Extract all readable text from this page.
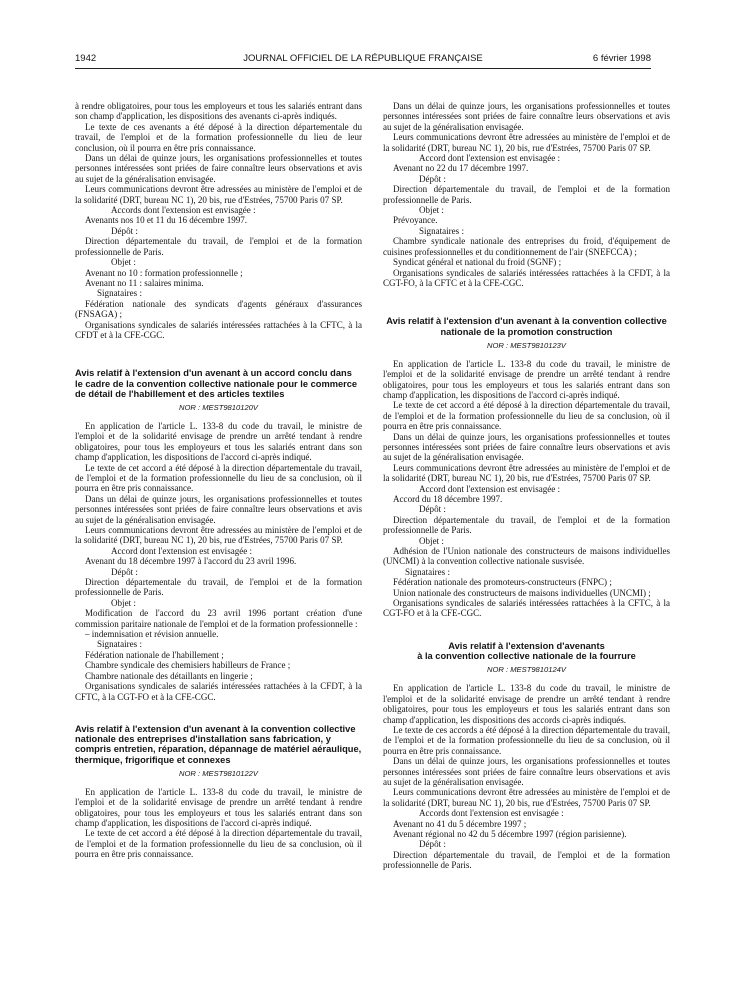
1942	JOURNAL OFFICIEL DE LA RÉPUBLIQUE FRANÇAISE	6 février 1998

à rendre obligatoires, pour tous les employeurs et tous les salariés entrant dans son champ d'application, les dispositions des avenants ci-après indiqués.

Le texte de ces avenants a été déposé à la direction départementale du travail, de l'emploi et de la formation professionnelle du lieu de leur conclusion, où il pourra en être pris connaissance.

Dans un délai de quinze jours, les organisations professionnelles et toutes personnes intéressées sont priées de faire connaître leurs observations et avis au sujet de la généralisation envisagée.

Leurs communications devront être adressées au ministère de l'emploi et de la solidarité (DRT, bureau NC 1), 20 bis, rue d'Estrées, 75700 Paris 07 SP.

Accords dont l'extension est envisagée :

Avenants nos 10 et 11 du 16 décembre 1997.

Dépôt :

Direction départementale du travail, de l'emploi et de la formation professionnelle de Paris.

Objet :

Avenant no 10 : formation professionnelle ;

Avenant no 11 : salaires minima.

Signataires :

Fédération nationale des syndicats d'agents généraux d'assurances (FNSAGA) ;

Organisations syndicales de salariés intéressées rattachées à la CFTC, à la CFDT et à la CFE-CGC.

Avis relatif à l'extension d'un avenant à un accord conclu dans le cadre de la convention collective nationale pour le commerce de détail de l'habillement et des articles textiles
NOR : MEST9810120V

En application de l'article L. 133-8 du code du travail, le ministre de l'emploi et de la solidarité envisage de prendre un arrêté tendant à rendre obligatoires, pour tous les employeurs et tous les salariés entrant dans son champ d'application, les dispositions de l'accord ci-après indiqué.

Le texte de cet accord a été déposé à la direction départementale du travail, de l'emploi et de la formation professionnelle du lieu de sa conclusion, où il pourra en être pris connaissance.

Dans un délai de quinze jours, les organisations professionnelles et toutes personnes intéressées sont priées de faire connaître leurs observations et avis au sujet de la généralisation envisagée.

Leurs communications devront être adressées au ministère de l'emploi et de la solidarité (DRT, bureau NC 1), 20 bis, rue d'Estrées, 75700 Paris 07 SP.

Accord dont l'extension est envisagée :

Avenant du 18 décembre 1997 à l'accord du 23 avril 1996.

Dépôt :

Direction départementale du travail, de l'emploi et de la formation professionnelle de Paris.

Objet :

Modification de l'accord du 23 avril 1996 portant création d'une commission paritaire nationale de l'emploi et de la formation professionnelle :

– indemnisation et révision annuelle.

Signataires :

Fédération nationale de l'habillement ;

Chambre syndicale des chemisiers habilleurs de France ;

Chambre nationale des détaillants en lingerie ;

Organisations syndicales de salariés intéressées rattachées à la CFDT, à la CFTC, à la CGT-FO et à la CFE-CGC.

Avis relatif à l'extension d'un avenant à la convention collective nationale des entreprises d'installation sans fabrication, y compris entretien, réparation, dépannage de matériel aéraulique, thermique, frigorifique et connexes
NOR : MEST9810122V

En application de l'article L. 133-8 du code du travail, le ministre de l'emploi et de la solidarité envisage de prendre un arrêté tendant à rendre obligatoires, pour tous les employeurs et tous les salariés entrant dans son champ d'application, les dispositions de l'accord ci-après indiqué.

Le texte de cet accord a été déposé à la direction départementale du travail, de l'emploi et de la formation professionnelle du lieu de sa conclusion, où il pourra en être pris connaissance.

Dans un délai de quinze jours, les organisations professionnelles et toutes personnes intéressées sont priées de faire connaître leurs observations et avis au sujet de la généralisation envisagée.

Leurs communications devront être adressées au ministère de l'emploi et de la solidarité (DRT, bureau NC 1), 20 bis, rue d'Estrées, 75700 Paris 07 SP.

Accord dont l'extension est envisagée :

Avenant no 22 du 17 décembre 1997.

Dépôt :

Direction départementale du travail, de l'emploi et de la formation professionnelle de Paris.

Objet :

Prévoyance.

Signataires :

Chambre syndicale nationale des entreprises du froid, d'équipement de cuisines professionnelles et du conditionnement de l'air (SNEFCCA) ;

Syndicat général et national du froid (SGNF) ;

Organisations syndicales de salariés intéressées rattachées à la CFDT, à la CGT-FO, à la CFTC et à la CFE-CGC.

Avis relatif à l'extension d'un avenant à la convention collective nationale de la promotion construction
NOR : MEST9810123V

En application de l'article L. 133-8 du code du travail, le ministre de l'emploi et de la solidarité envisage de prendre un arrêté tendant à rendre obligatoires, pour tous les employeurs et tous les salariés entrant dans son champ d'application, les dispositions de l'accord ci-après indiqué.

Le texte de cet accord a été déposé à la direction départementale du travail, de l'emploi et de la formation professionnelle du lieu de sa conclusion, où il pourra en être pris connaissance.

Dans un délai de quinze jours, les organisations professionnelles et toutes personnes intéressées sont priées de faire connaître leurs observations et avis au sujet de la généralisation envisagée.

Leurs communications devront être adressées au ministère de l'emploi et de la solidarité (DRT, bureau NC 1), 20 bis, rue d'Estrées, 75700 Paris 07 SP.

Accord dont l'extension est envisagée :

Accord du 18 décembre 1997.

Dépôt :

Direction départementale du travail, de l'emploi et de la formation professionnelle de Paris.

Objet :

Adhésion de l'Union nationale des constructeurs de maisons individuelles (UNCMI) à la convention collective nationale susvisée.

Signataires :

Fédération nationale des promoteurs-constructeurs (FNPC) ;

Union nationale des constructeurs de maisons individuelles (UNCMI) ;

Organisations syndicales de salariés intéressées rattachées à la CFTC, à la CGT-FO et à la CFE-CGC.

Avis relatif à l'extension d'avenants
à la convention collective nationale de la fourrure
NOR : MEST9810124V

En application de l'article L. 133-8 du code du travail, le ministre de l'emploi et de la solidarité envisage de prendre un arrêté tendant à rendre obligatoires, pour tous les employeurs et tous les salariés entrant dans son champ d'application, les dispositions des accords ci-après indiqués.

Le texte de ces accords a été déposé à la direction départementale du travail, de l'emploi et de la formation professionnelle du lieu de sa conclusion, où il pourra en être pris connaissance.

Dans un délai de quinze jours, les organisations professionnelles et toutes personnes intéressées sont priées de faire connaître leurs observations et avis au sujet de la généralisation envisagée.

Leurs communications devront être adressées au ministère de l'emploi et de la solidarité (DRT, bureau NC 1), 20 bis, rue d'Estrées, 75700 Paris 07 SP.

Accords dont l'extension est envisagée :

Avenant no 41 du 5 décembre 1997 ;

Avenant régional no 42 du 5 décembre 1997 (région parisienne).

Dépôt :

Direction départementale du travail, de l'emploi et de la formation professionnelle de Paris.
